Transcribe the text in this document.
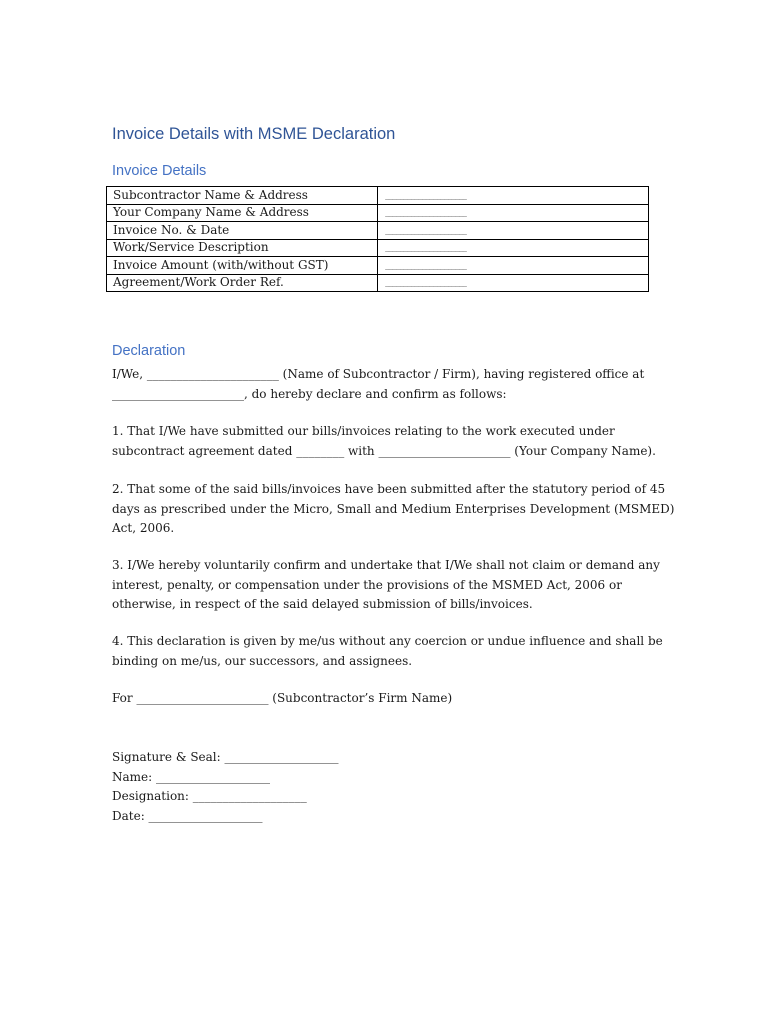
Invoice Details with MSME Declaration
Invoice Details
Subcontractor Name & Address	______________________
Your Company Name & Address	______________________
Invoice No. & Date	______________________
Work/Service Description	______________________
Invoice Amount (with/without GST)	______________________
Agreement/Work Order Ref.	______________________
Declaration

I/We, ______________________ (Name of Subcontractor / Firm), having registered office at
______________________, do hereby declare and confirm as follows:

1. That I/We have submitted our bills/invoices relating to the work executed under
subcontract agreement dated ________ with ______________________ (Your Company Name).

2. That some of the said bills/invoices have been submitted after the statutory period of 45
days as prescribed under the Micro, Small and Medium Enterprises Development (MSMED)
Act, 2006.

3. I/We hereby voluntarily confirm and undertake that I/We shall not claim or demand any
interest, penalty, or compensation under the provisions of the MSMED Act, 2006 or
otherwise, in respect of the said delayed submission of bills/invoices.

4. This declaration is given by me/us without any coercion or undue influence and shall be
binding on me/us, our successors, and assignees.

For ______________________ (Subcontractor’s Firm Name)

Signature & Seal: ___________________
Name: ___________________
Designation: ___________________
Date: ___________________
